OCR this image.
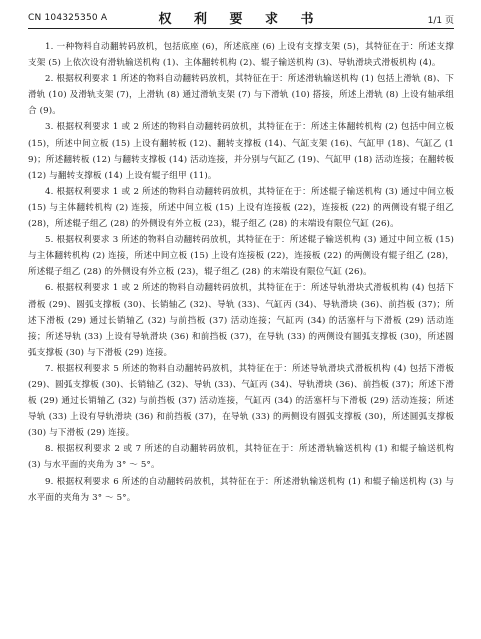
CN 104325350 A	权 利 要 求 书	1/1 页

1. 一种物料自动翻转码放机，包括底座 (6)，所述底座 (6) 上设有支撑支架 (5)，其特征在于：所述支撑支架 (5) 上依次设有滑轨输送机构 (1)、主体翻转机构 (2)、辊子输送机构 (3)、导轨滑块式滑板机构 (4)。

2. 根据权利要求 1 所述的物料自动翻转码放机，其特征在于：所述滑轨输送机构 (1) 包括上滑轨 (8)、下滑轨 (10) 及滑轨支架 (7)，上滑轨 (8) 通过滑轨支架 (7) 与下滑轨 (10) 搭接，所述上滑轨 (8) 上设有轴承组合 (9)。

3. 根据权利要求 1 或 2 所述的物料自动翻转码放机，其特征在于：所述主体翻转机构 (2) 包括中间立板 (15)，所述中间立板 (15) 上设有翻转板 (12)、翻转支撑板 (14)、气缸支架 (16)、气缸甲 (18)、气缸乙 (19)；所述翻转板 (12) 与翻转支撑板 (14) 活动连接，并分别与气缸乙 (19)、气缸甲 (18) 活动连接；在翻转板 (12) 与翻转支撑板 (14) 上设有辊子组甲 (11)。

4. 根据权利要求 1 或 2 所述的物料自动翻转码放机，其特征在于：所述辊子输送机构 (3) 通过中间立板 (15) 与主体翻转机构 (2) 连接，所述中间立板 (15) 上设有连接板 (22)，连接板 (22) 的两侧设有辊子组乙 (28)，所述辊子组乙 (28) 的外侧设有外立板 (23)，辊子组乙 (28) 的末端设有限位气缸 (26)。

5. 根据权利要求 3 所述的物料自动翻转码放机，其特征在于：所述辊子输送机构 (3) 通过中间立板 (15) 与主体翻转机构 (2) 连接，所述中间立板 (15) 上设有连接板 (22)，连接板 (22) 的两侧设有辊子组乙 (28)，所述辊子组乙 (28) 的外侧设有外立板 (23)，辊子组乙 (28) 的末端设有限位气缸 (26)。

6. 根据权利要求 1 或 2 所述的物料自动翻转码放机，其特征在于：所述导轨滑块式滑板机构 (4) 包括下滑板 (29)、圆弧支撑板 (30)、长销轴乙 (32)、导轨 (33)、气缸丙 (34)、导轨滑块 (36)、前挡板 (37)；所述下滑板 (29) 通过长销轴乙 (32) 与前挡板 (37) 活动连接；气缸丙 (34) 的活塞杆与下滑板 (29) 活动连接；所述导轨 (33) 上设有导轨滑块 (36) 和前挡板 (37)，在导轨 (33) 的两侧设有圆弧支撑板 (30)，所述圆弧支撑板 (30) 与下滑板 (29) 连接。

7. 根据权利要求 5 所述的物料自动翻转码放机，其特征在于：所述导轨滑块式滑板机构 (4) 包括下滑板 (29)、圆弧支撑板 (30)、长销轴乙 (32)、导轨 (33)、气缸丙 (34)、导轨滑块 (36)、前挡板 (37)；所述下滑板 (29) 通过长销轴乙 (32) 与前挡板 (37) 活动连接，气缸丙 (34) 的活塞杆与下滑板 (29) 活动连接；所述导轨 (33) 上设有导轨滑块 (36) 和前挡板 (37)，在导轨 (33) 的两侧设有圆弧支撑板 (30)，所述圆弧支撑板 (30) 与下滑板 (29) 连接。

8. 根据权利要求 2 或 7 所述的自动翻转码放机，其特征在于：所述滑轨输送机构 (1) 和辊子输送机构 (3) 与水平面的夹角为 3° ～ 5°。

9. 根据权利要求 6 所述的自动翻转码放机，其特征在于：所述滑轨输送机构 (1) 和辊子输送机构 (3) 与水平面的夹角为 3° ～ 5°。
